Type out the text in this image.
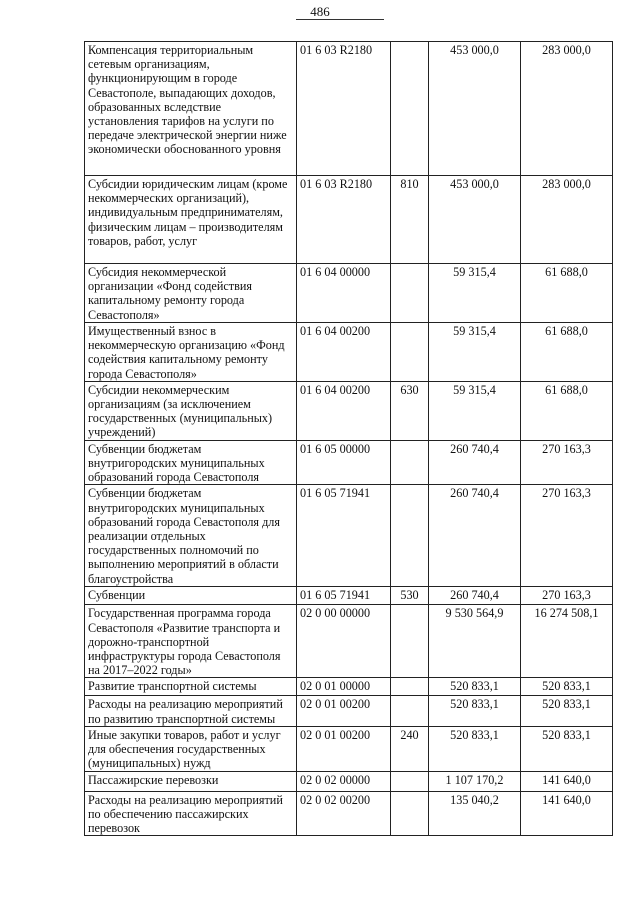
486
Компенсация территориальным сетевым организациям, функционирующим в городе Севастополе, выпадающих доходов, образованных вследствие установления тарифов на услуги по передаче электрической энергии ниже экономически обоснованного уровня	01 6 03 R2180		453 000,0	283 000,0
Субсидии юридическим лицам (кроме некоммерческих организаций), индивидуальным предпринимателям, физическим лицам – производителям товаров, работ, услуг	01 6 03 R2180	810	453 000,0	283 000,0
Субсидия некоммерческой организации «Фонд содействия капитальному ремонту города Севастополя»	01 6 04 00000		59 315,4	61 688,0
Имущественный взнос в некоммерческую организацию «Фонд содействия капитальному ремонту города Севастополя»	01 6 04 00200		59 315,4	61 688,0
Субсидии некоммерческим организациям (за исключением государственных (муниципальных) учреждений)	01 6 04 00200	630	59 315,4	61 688,0
Субвенции бюджетам внутригородских муниципальных образований города Севастополя	01 6 05 00000		260 740,4	270 163,3
Субвенции бюджетам внутригородских муниципальных образований города Севастополя для реализации отдельных государственных полномочий по выполнению мероприятий в области благоустройства	01 6 05 71941		260 740,4	270 163,3
Субвенции	01 6 05 71941	530	260 740,4	270 163,3
Государственная программа города Севастополя «Развитие транспорта и дорожно-транспортной инфраструктуры города Севастополя на 2017–2022 годы»	02 0 00 00000		9 530 564,9	16 274 508,1
Развитие транспортной системы	02 0 01 00000		520 833,1	520 833,1
Расходы на реализацию мероприятий по развитию транспортной системы	02 0 01 00200		520 833,1	520 833,1
Иные закупки товаров, работ и услуг для обеспечения государственных (муниципальных) нужд	02 0 01 00200	240	520 833,1	520 833,1
Пассажирские перевозки	02 0 02 00000		1 107 170,2	141 640,0
Расходы на реализацию мероприятий по обеспечению пассажирских перевозок	02 0 02 00200		135 040,2	141 640,0
